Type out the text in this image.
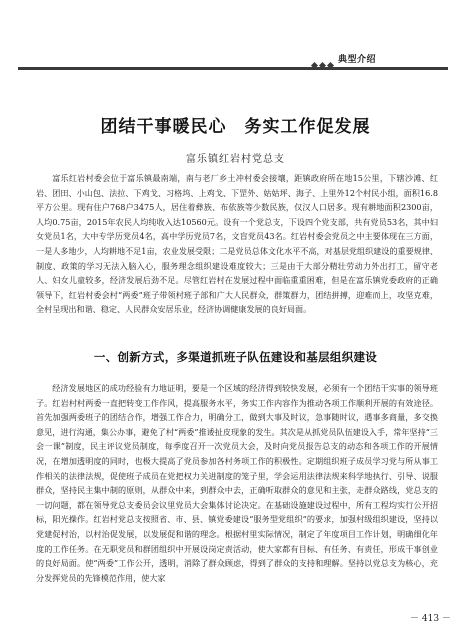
典型介绍
团结干事暖民心　务实工作促发展
富乐镇红岩村党总支

富乐红岩村委会位于富乐镇最南端，南与老厂乡土冲村委会接壤，距镇政府所在地15公里，下辖沙滩、红岩、团田、小山包、法拉、下鸡戈、习格坞、上鸡戈、下罡外、姑姑坪、海子、上里外12个村民小组，面积16.8平方公里。现有住户768户3475人，居住着彝族、布依族等少数民族，仅汉人口居多。现有耕地面积2300亩，人均0.75亩，2015年农民人均纯收入达10560元。设有一个党总支，下设四个党支部，共有党员53名，其中妇女党员1名，大中专学历党员4名，高中学历党员7名，文盲党员43名。红岩村委会党员之中主要体现在三方面，一是人多地少，人均耕地不足1亩，农业发展受限；二是党员总体文化水平不高，对基层党组织建设的重要规律、制度、政策的学习无法入脑入心，服务理念组织建设难度较大；三是由于大部分精壮劳动力外出打工，留守老人、妇女儿童较多，经济发展后劲不足。尽管红岩村在发展过程中面临重重困难，但是在富乐镇党委政府的正确领导下，红岩村委会村“两委”班子带领村班子部和广大人民群众，群策群力，团结拼搏，迎难而上，攻坚克难，全村呈现出和谐、稳定、人民群众安居乐业，经济协调健康发展的良好局面。

一、创新方式，多渠道抓班子队伍建设和基层组织建设

经济发展地区的成功经验有力地证明，要是一个区域的经济得到较快发展，必须有一个团结干实事的领导班子。红岩村村两委一直把转变工作作风，提高服务水平，务实工作内容作为推动各项工作顺利开展的有效途径。首先加强两委班子的团结合作，增强工作合力，明确分工，做到大事及时议，急事随时议，遇事多商量，多交换意见，进行沟通，集公办事，避免了村“两委”推诿扯皮现象的发生。其次是从抓党员队伍建设入手，常年坚持“三会一课”制度，民主评议党员制度，每季度召开一次党员大会，及时向党员报告总支的动态和各项工作的开展情况，在增加透明度的同时，也极大提高了党员参加各村务项工作的积极性。定期组织班子成员学习党与所从事工作相关的法律法规，促使班子成员在党把权力关进制度的笼子里，学会运用法律法规来科学地执行、引导、说服群众，坚持民主集中制的原则，从群众中来，到群众中去，正确听取群众的意见和主张，走群众路线，党总支的一切问题，都在领导党总支委员会议里党员大会集体讨论决定。在基础设施建设过程中，所有工程均实行公开招标，阳光操作。红岩村党总支按照省、市、县、镇党委建设“服务型党组织”的要求，加强村级组织建设，坚持以党建促村治，以村治促发展，以发展促和谐的理念。根据村里实际情况，制定了年度项目工作计划，明确细化年度的工作任务。在无职党员和群团组织中开展设岗定责活动，使大家都有目标、有任务、有责任，形成干事创业的良好局面。使“两委”工作公开，透明，消除了群众顾虑，得到了群众的支持和理解。坚持以党总支为核心，充分发挥党员的先锋模范作用，使大家

－ 413 －
